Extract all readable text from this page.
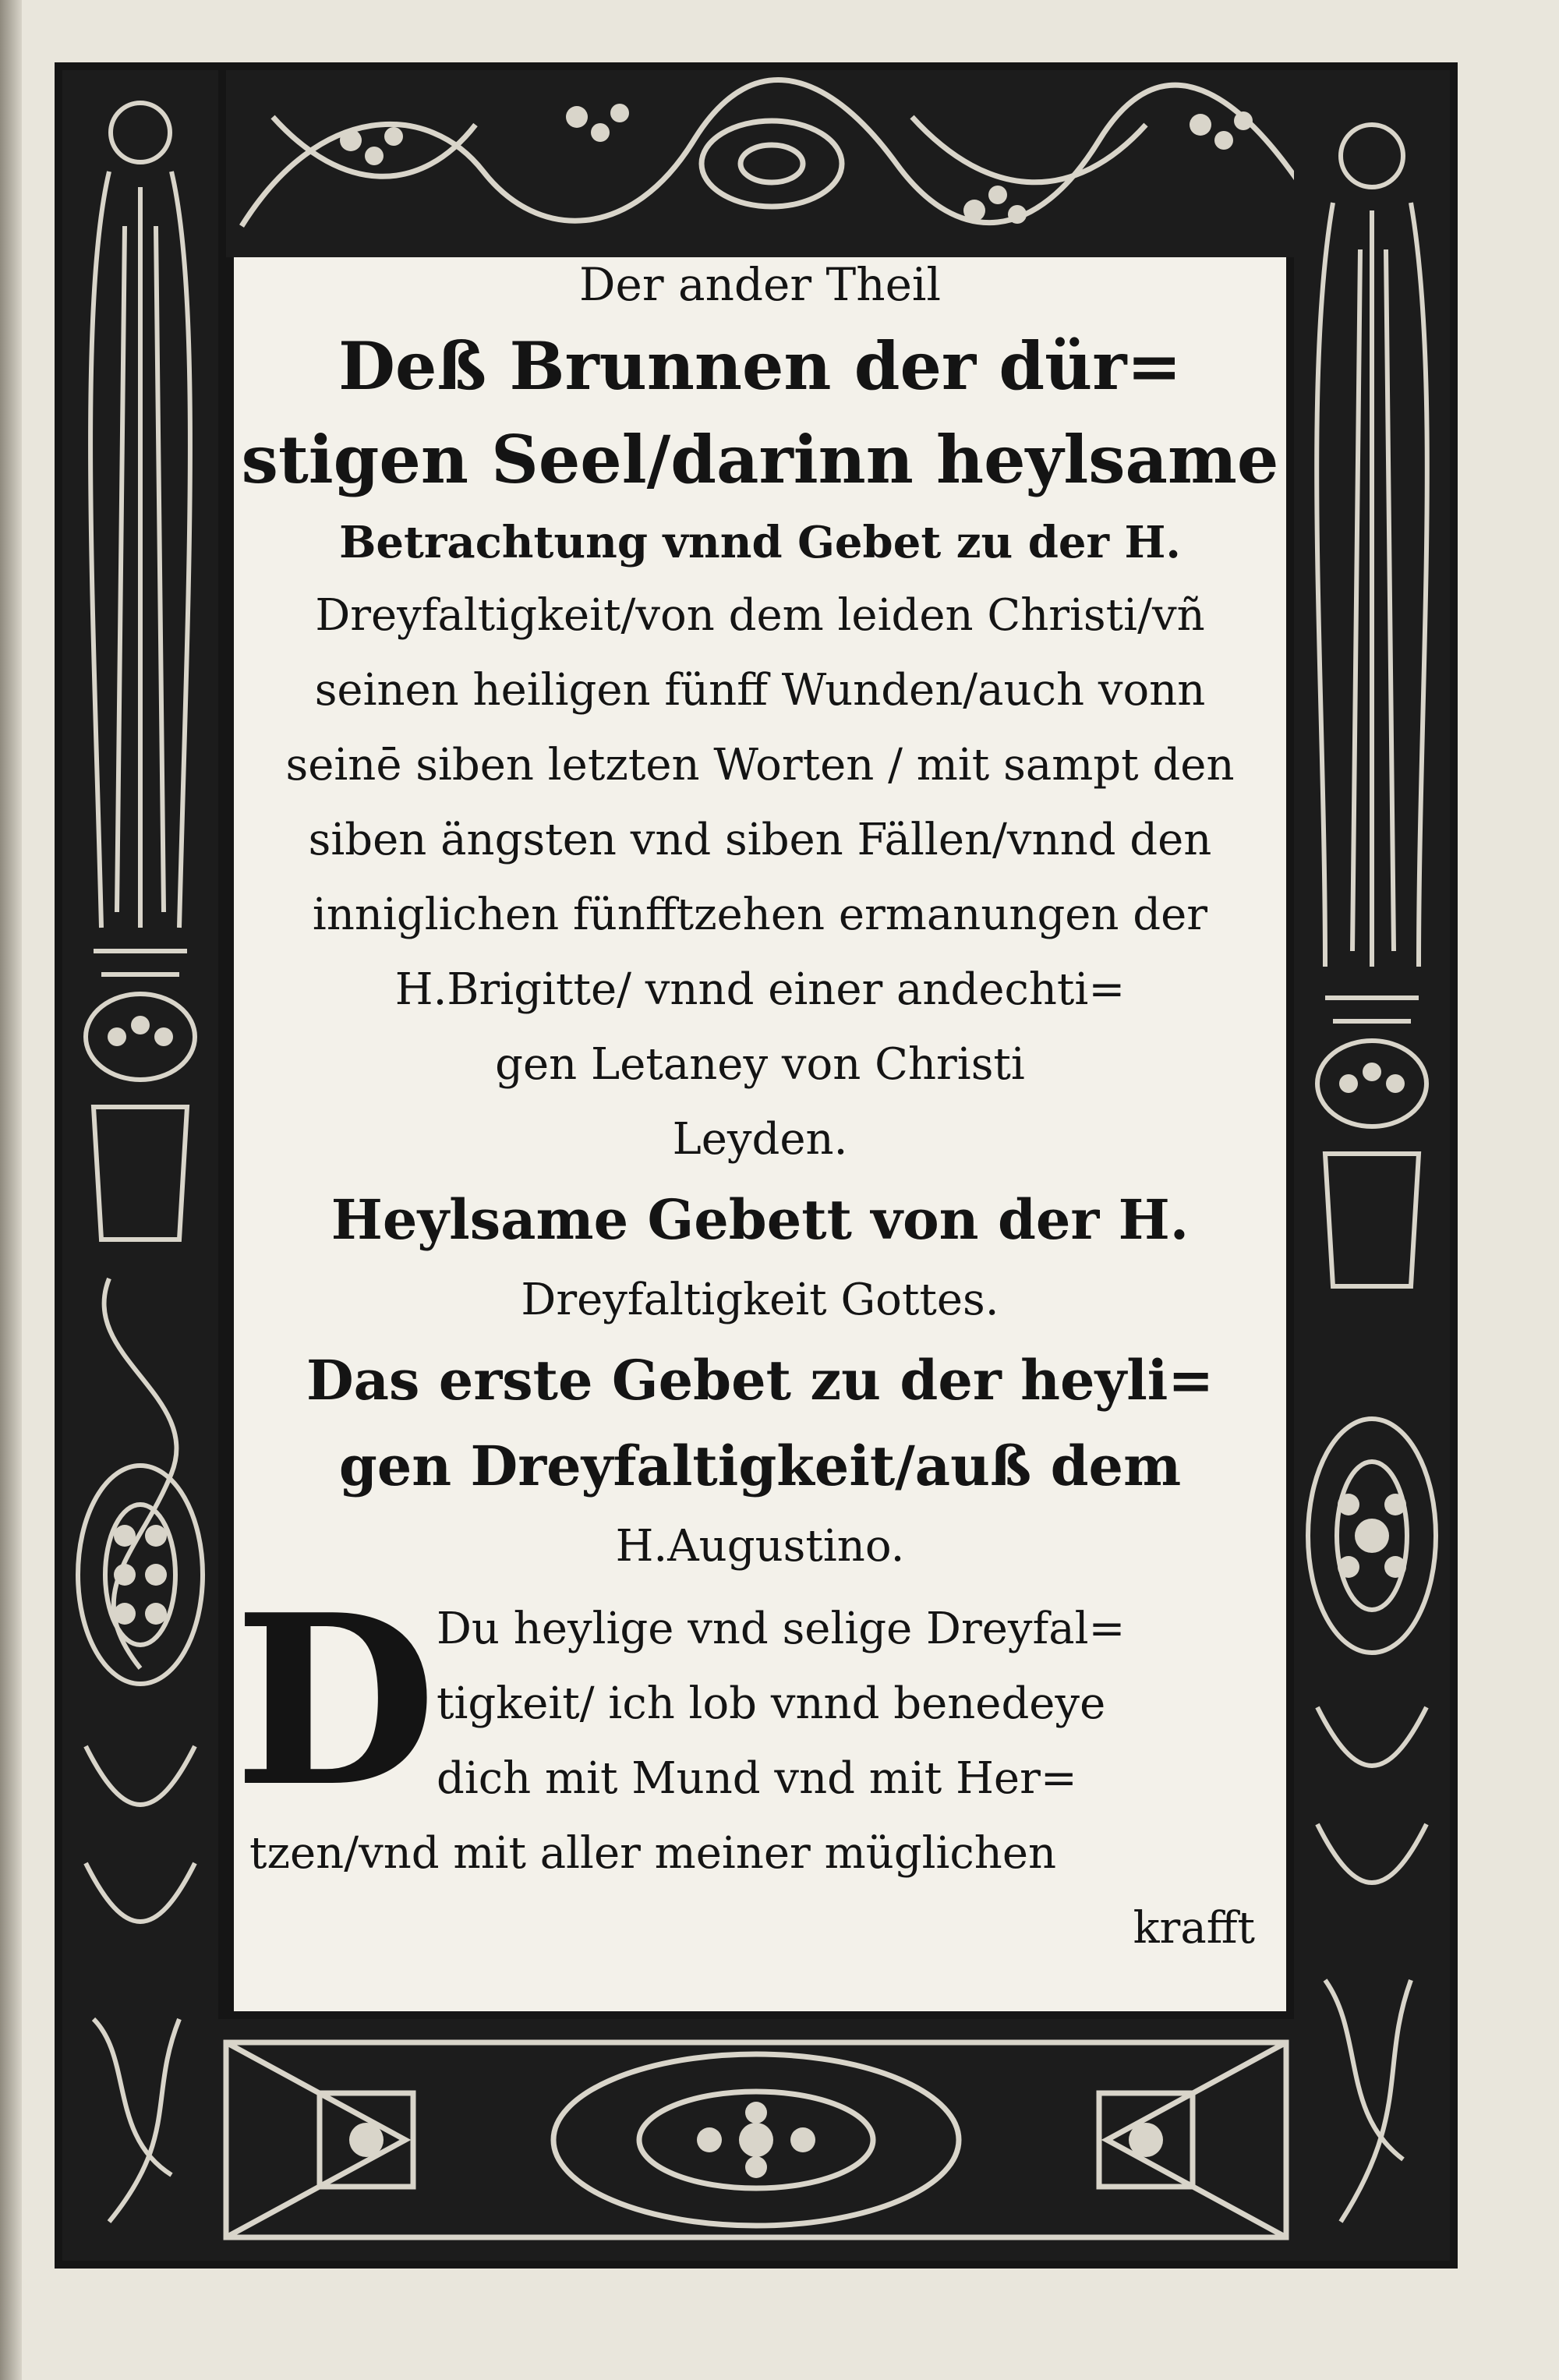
Der ander Theil
Deß Brunnen der dür=
stigen Seel/darinn heylsame
Betrachtung vnnd Gebet zu der H.
Dreyfaltigkeit/von dem leiden Christi/vñ
seinen heiligen fünff Wunden/auch vonn
seinē siben letzten Worten / mit sampt den
siben ängsten vnd siben Fällen/vnnd den
inniglichen fünfftzehen ermanungen der
H.Brigitte/ vnnd einer andechti=
gen Letaney von Christi
Leyden.
Heylsame Gebett von der H.
Dreyfaltigkeit Gottes.
Das erste Gebet zu der heyli=
gen Dreyfaltigkeit/auß dem
H.Augustino.
D Du heylige vnd selige Dreyfal=
tigkeit/ ich lob vnnd benedeye
dich mit Mund vnd mit Her=
tzen/vnd mit aller meiner müglichen
krafft
